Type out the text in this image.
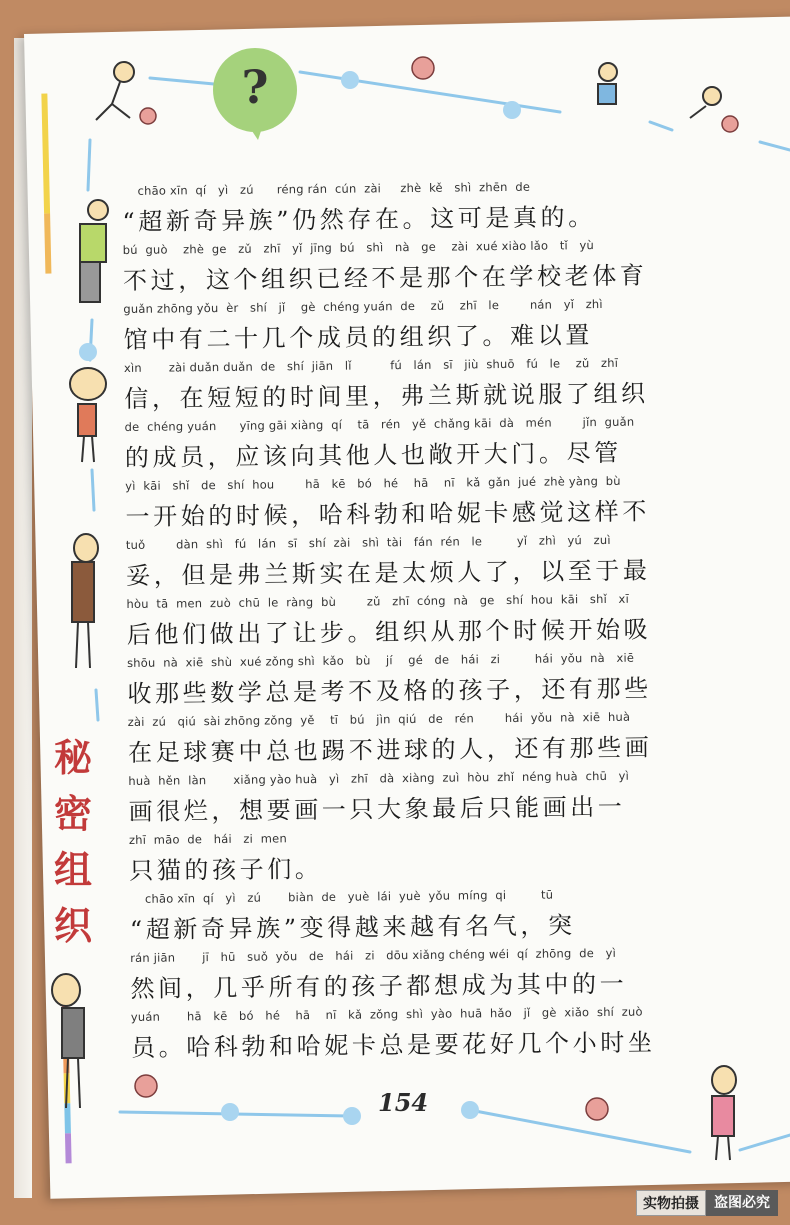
?
秘
密
组
织
chāo xīn  qí   yì   zú      réng rán  cún  zài     zhè  kě   shì  zhēn  de
“超新奇异族”仍然存在。这可是真的。
bú  guò    zhè  ge   zǔ   zhī   yǐ  jīng  bú   shì   nà   ge    zài  xué xiào lǎo   tǐ   yù
不过，这个组织已经不是那个在学校老体育
guǎn zhōng yǒu  èr   shí   jǐ    gè  chéng yuán  de    zǔ    zhī   le        nán   yǐ   zhì
馆中有二十几个成员的组织了。难以置
xìn       zài duǎn duǎn  de   shí  jiān   lǐ          fú   lán   sī   jiù  shuō   fú   le    zǔ   zhī
信，在短短的时间里，弗兰斯就说服了组织
de  chéng yuán      yīng gāi xiàng  qí    tā   rén   yě  chǎng kāi  dà   mén        jǐn  guǎn
的成员，应该向其他人也敞开大门。尽管
yì  kāi   shǐ   de   shí  hou        hā   kē   bó   hé    hā    nī   kǎ  gǎn  jué  zhè yàng  bù
一开始的时候，哈科勃和哈妮卡感觉这样不
tuǒ        dàn  shì   fú   lán   sī   shí  zài   shì  tài   fán  rén   le         yǐ   zhì   yú   zuì
妥，但是弗兰斯实在是太烦人了，以至于最
hòu  tā  men  zuò  chū  le  ràng  bù        zǔ   zhī  cóng  nà   ge   shí  hou  kāi   shǐ   xī
后他们做出了让步。组织从那个时候开始吸
shōu  nà  xiē  shù  xué zǒng shì  kǎo   bù    jí    gé   de   hái   zi         hái  yǒu  nà   xiē
收那些数学总是考不及格的孩子，还有那些
zài  zú   qiú  sài zhōng zǒng  yě    tī   bú   jìn  qiú   de   rén        hái  yǒu  nà  xiē  huà
在足球赛中总也踢不进球的人，还有那些画
huà  hěn  làn       xiǎng yào huà   yì   zhī   dà  xiàng  zuì  hòu  zhǐ  néng huà  chū   yì
画很烂，想要画一只大象最后只能画出一
zhī  māo  de   hái   zi  men
只猫的孩子们。
chāo xīn  qí   yì   zú       biàn  de   yuè  lái  yuè  yǒu  míng  qi         tū
“超新奇异族”变得越来越有名气，突
rán jiān       jī   hū   suǒ  yǒu   de   hái   zi   dōu xiǎng chéng wéi  qí  zhōng  de   yì
然间，几乎所有的孩子都想成为其中的一
yuán       hā   kē   bó   hé    hā    nī   kǎ  zǒng  shì  yào  huā  hǎo   jǐ   gè  xiǎo  shí  zuò
员。哈科勃和哈妮卡总是要花好几个小时坐
154
实物拍摄	盗图必究
